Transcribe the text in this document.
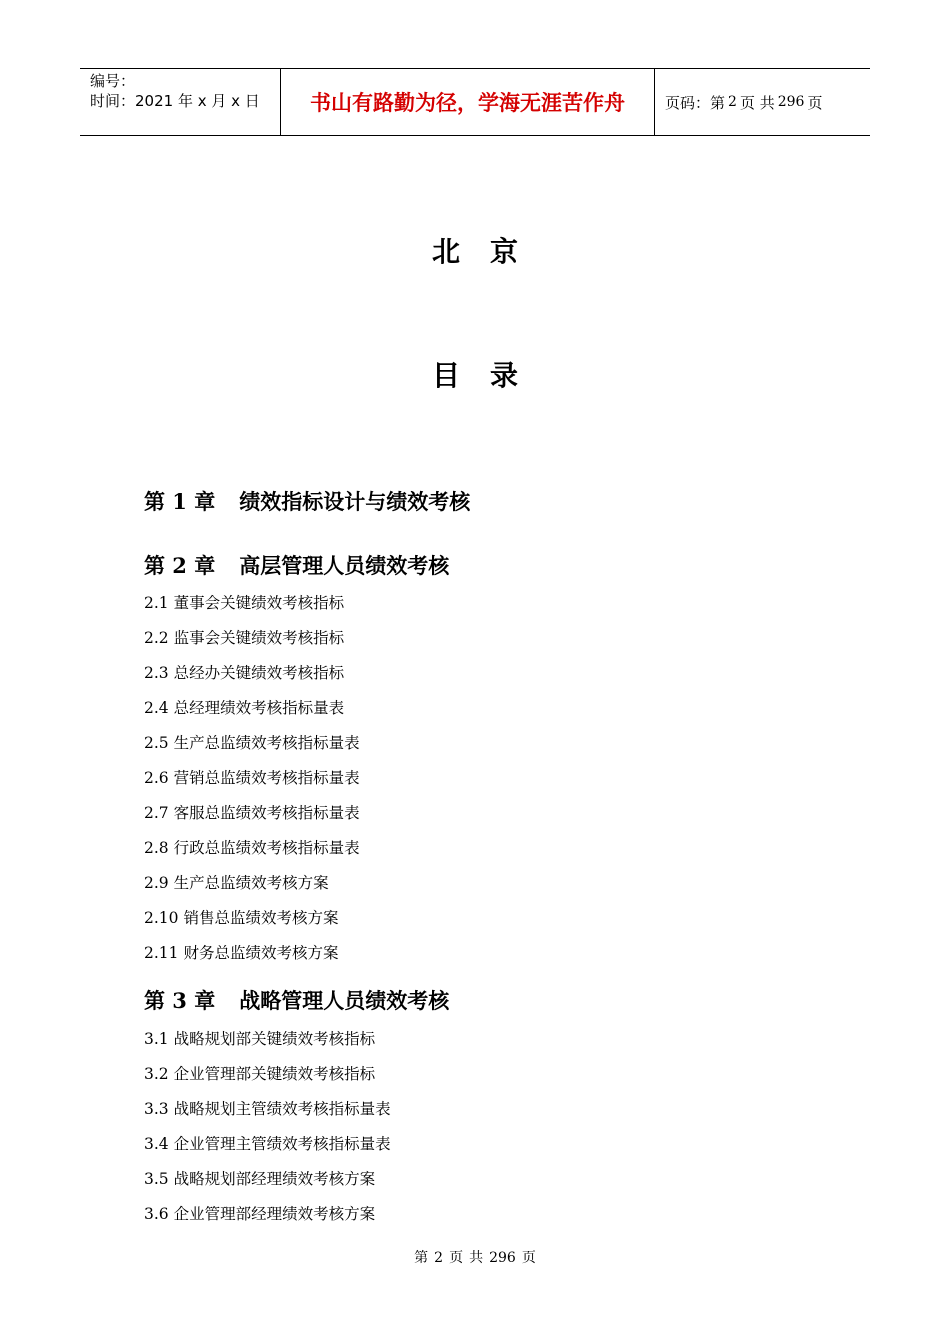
编号：
时间：2021 年 x 月 x 日	书山有路勤为径，学海无涯苦作舟	页码：第 2 页 共 296 页
北京
目录
第 1 章 绩效指标设计与绩效考核
第 2 章 高层管理人员绩效考核
2.1 董事会关键绩效考核指标
2.2 监事会关键绩效考核指标
2.3 总经办关键绩效考核指标
2.4 总经理绩效考核指标量表
2.5 生产总监绩效考核指标量表
2.6 营销总监绩效考核指标量表
2.7 客服总监绩效考核指标量表
2.8 行政总监绩效考核指标量表
2.9 生产总监绩效考核方案
2.10 销售总监绩效考核方案
2.11 财务总监绩效考核方案
第 3 章 战略管理人员绩效考核
3.1 战略规划部关键绩效考核指标
3.2 企业管理部关键绩效考核指标
3.3 战略规划主管绩效考核指标量表
3.4 企业管理主管绩效考核指标量表
3.5 战略规划部经理绩效考核方案
3.6 企业管理部经理绩效考核方案
第 2 页 共 296 页
